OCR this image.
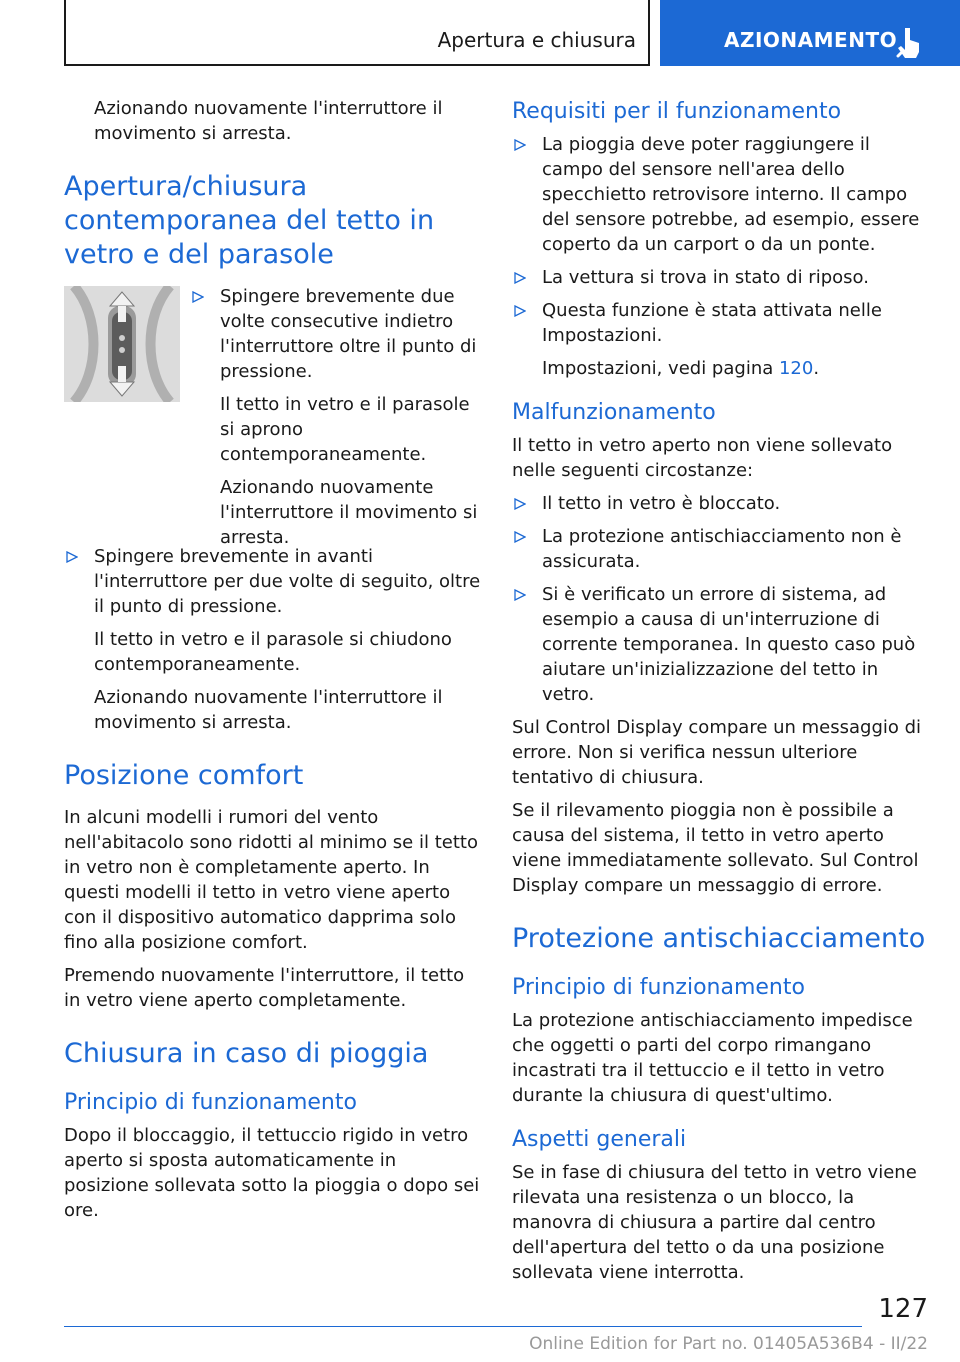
Apertura e chiusura	AZIONAMENTO

Azionando nuovamente l'interruttore il movimento si arresta.

Apertura/chiusura contemporanea del tetto in vetro e del parasole

Spingere brevemente due volte consecutive indietro l'interruttore oltre il punto di pressione.

Il tetto in vetro e il parasole si aprono contemporaneamente.

Azionando nuovamente l'interruttore il movimento si arresta.

Spingere brevemente in avanti l'interruttore per due volte di seguito, oltre il punto di pressione.

Il tetto in vetro e il parasole si chiudono contemporaneamente.

Azionando nuovamente l'interruttore il movimento si arresta.

Posizione comfort

In alcuni modelli i rumori del vento nell'abitacolo sono ridotti al minimo se il tetto in vetro non è completamente aperto. In questi modelli il tetto in vetro viene aperto con il dispositivo automatico dapprima solo fino alla posizione comfort.

Premendo nuovamente l'interruttore, il tetto in vetro viene aperto completamente.

Chiusura in caso di pioggia
Principio di funzionamento

Dopo il bloccaggio, il tettuccio rigido in vetro aperto si sposta automaticamente in posizione sollevata sotto la pioggia o dopo sei ore.

Requisiti per il funzionamento

La pioggia deve poter raggiungere il campo del sensore nell'area dello specchietto retrovisore interno. Il campo del sensore potrebbe, ad esempio, essere coperto da un carport o da un ponte.

La vettura si trova in stato di riposo.

Questa funzione è stata attivata nelle Impostazioni.

Impostazioni, vedi pagina 120.

Malfunzionamento

Il tetto in vetro aperto non viene sollevato nelle seguenti circostanze:

Il tetto in vetro è bloccato.

La protezione antischiacciamento non è assicurata.

Si è verificato un errore di sistema, ad esempio a causa di un'interruzione di corrente temporanea. In questo caso può aiutare un'inizializzazione del tetto in vetro.

Sul Control Display compare un messaggio di errore. Non si verifica nessun ulteriore tentativo di chiusura.

Se il rilevamento pioggia non è possibile a causa del sistema, il tetto in vetro aperto viene immediatamente sollevato. Sul Control Display compare un messaggio di errore.

Protezione antischiacciamento
Principio di funzionamento

La protezione antischiacciamento impedisce che oggetti o parti del corpo rimangano incastrati tra il tettuccio e il tetto in vetro durante la chiusura di quest'ultimo.

Aspetti generali

Se in fase di chiusura del tetto in vetro viene rilevata una resistenza o un blocco, la manovra di chiusura a partire dal centro dell'apertura del tetto o da una posizione sollevata viene interrotta.

127
Online Edition for Part no. 01405A536B4 - II/22
